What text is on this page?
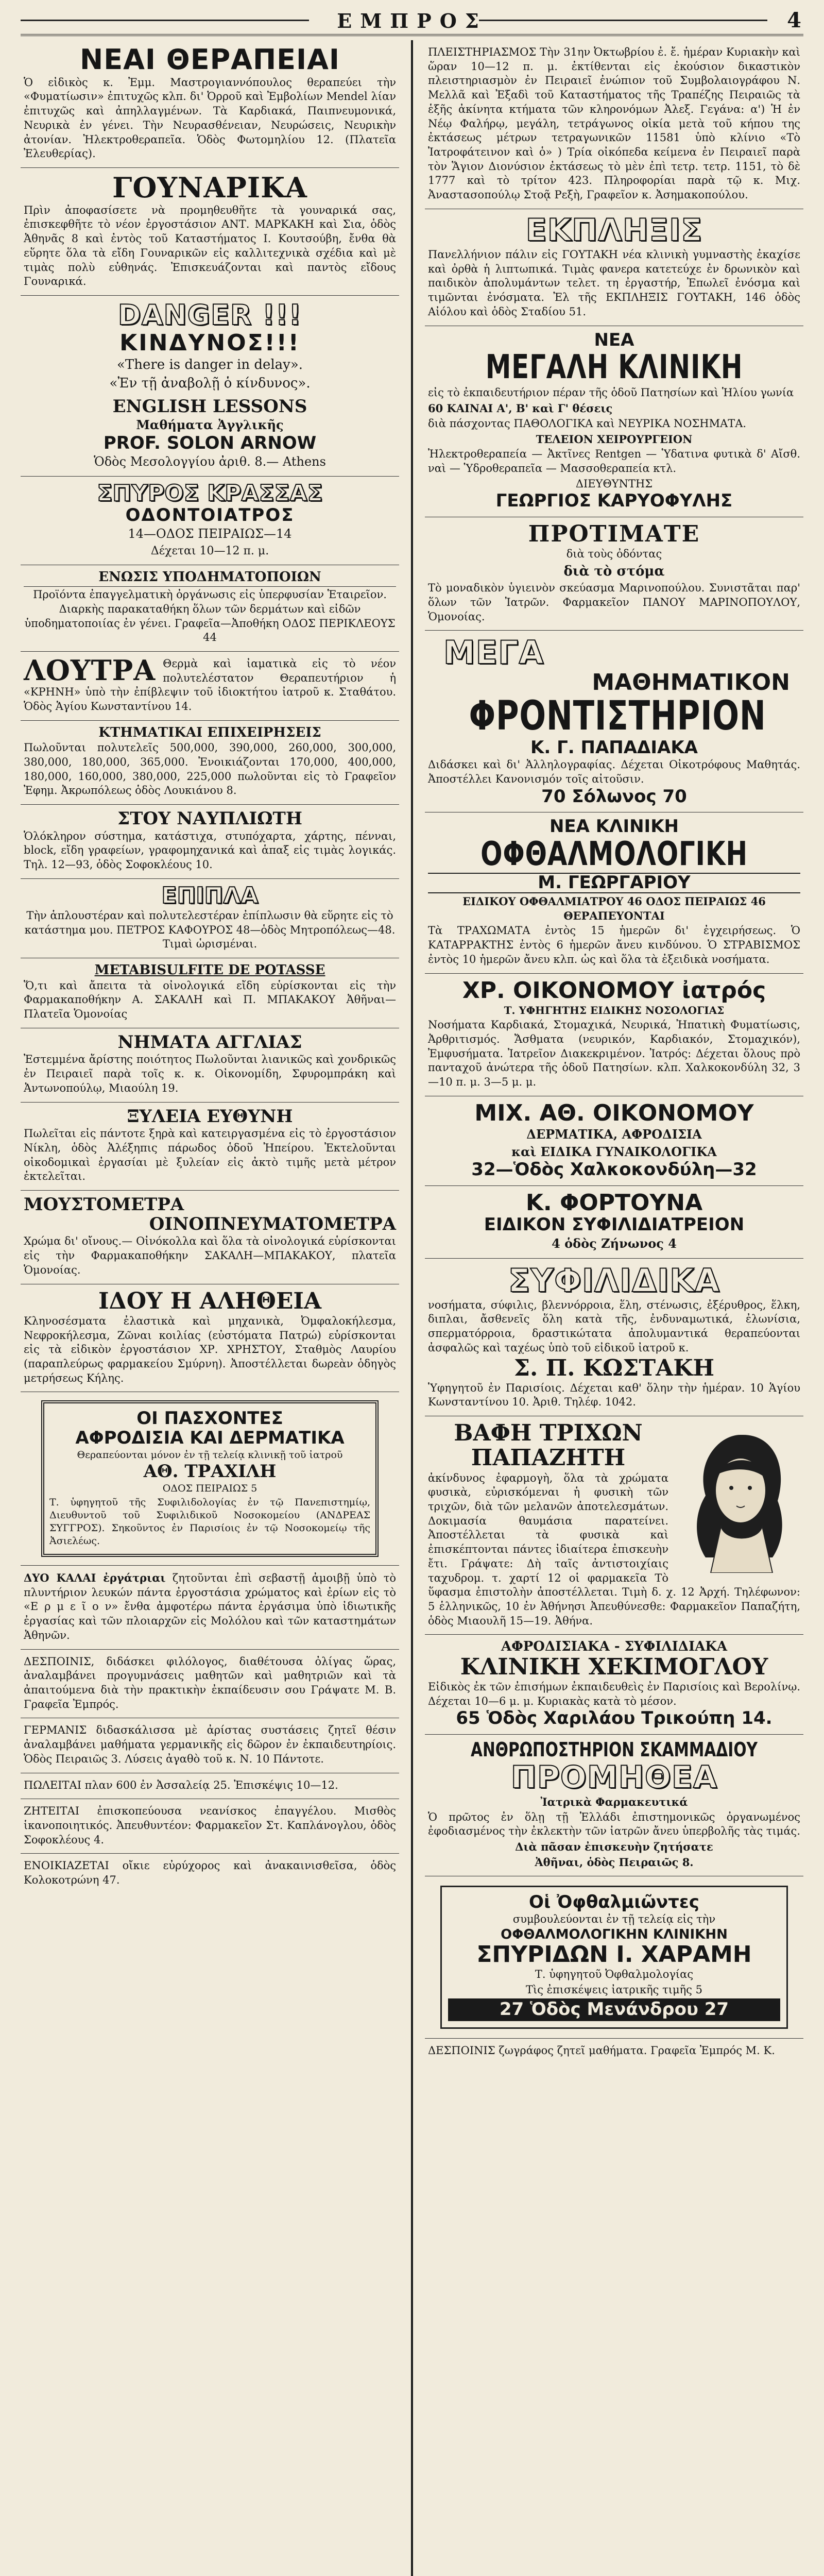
ΕΜΠΡΟΣ	4
ΝΕΑΙ ΘΕΡΑΠΕΙΑΙ
Ὁ εἰδικὸς κ. Ἐμμ. Μαστρογιαννόπουλος θεραπεύει τὴν «Φυματίωσιν» ἐπιτυχῶς κλπ. δι' Ὀρροῦ καὶ Ἐμβολίων Μendel λίαν ἐπιτυχῶς καὶ ἀπηλλαγμένων. Τὰ Καρδιακά, Παιπνευμονικά, Νευρικὰ ἐν γένει. Τὴν Νευρασθένειαν, Νευρώσεις, Νευρικὴν ἀτονίαν. Ἠλεκτροθεραπεῖα. Ὁδὸς Φωτομηλίου 12. (Πλατεῖα Ἐλευθερίας).
ΓΟΥΝΑΡΙΚΑ
Πρὶν ἀποφασίσετε νὰ προμηθευθῆτε τὰ γουναρικά σας, ἐπισκεφθῆτε τὸ νέον ἐργοστάσιον ΑΝΤ. ΜΑΡΚΑΚΗ καὶ Σια, ὁδὸς Ἀθηνᾶς 8 καὶ ἐντὸς τοῦ Καταστήματος Ι. Κουτσούβη, ἔνθα θὰ εὕρητε ὅλα τὰ εἴδη Γουναρικῶν εἰς καλλιτεχνικὰ σχέδια καὶ μὲ τιμὰς πολὺ εὐθηνάς. Ἐπισκευάζονται καὶ παντὸς εἴδους Γουναρικά.
DANGER !!!
ΚΙΝΔΥΝΟΣ!!!
«There is danger in delay».
«Ἐν τῇ ἀναβολῇ ὁ κίνδυνος».
ENGLISH LESSONS
Μαθήματα Ἀγγλικῆς
PROF. SOLON ARNOW
Ὁδὸς Μεσολογγίου ἀριθ. 8.— Athens
ΣΠΥΡΟΣ ΚΡΑΣΣΑΣ
ΟΔΟΝΤΟΙΑΤΡΟΣ
14—ΟΔΟΣ ΠΕΙΡΑΙΩΣ—14
Δέχεται 10—12 π. μ.
ΕΝΩΣΙΣ ΥΠΟΔΗΜΑΤΟΠΟΙΩΝ
Προϊόντα ἐπαγγελματικὴ ὀργάνωσις εἰς ὑπερφυσίαν Ἑταιρεῖον. Διαρκὴς παρακαταθήκη ὅλων τῶν δερμάτων καὶ εἰδῶν ὑποδηματοποιίας ἐν γένει. Γραφεῖα—Ἀποθήκη ΟΔΟΣ ΠΕΡΙΚΛΕΟΥΣ 44
ΛΟΥΤΡΑ Θερμὰ καὶ ἰαματικὰ εἰς τὸ νέον πολυτελέστατον Θεραπευτήριον ἡ «ΚΡΗΝΗ» ὑπὸ τὴν ἐπίβλεψιν τοῦ ἰδιοκτήτου ἰατροῦ κ. Σταθάτου. Ὁδὸς Ἁγίου Κωνσταντίνου 14.
ΚΤΗΜΑΤΙΚΑΙ ΕΠΙΧΕΙΡΗΣΕΙΣ
Πωλοῦνται πολυτελεῖς 500,000, 390,000, 260,000, 300,000, 380,000, 180,000, 365,000. Ἐνοικιάζονται 170,000, 400,000, 180,000, 160,000, 380,000, 225,000 πωλοῦνται εἰς τὸ Γραφεῖον Ἐφημ. Ἀκρωπόλεως ὁδὸς Λουκιάνου 8.
ΣΤΟΥ ΝΑΥΠΛΙΩΤΗ
Ὁλόκληρον σύστημα, κατάστιχα, στυπόχαρτα, χάρτης, πένναι, block, εἴδη γραφείων, γραφομηχανικά καὶ ἁπαξ εἰς τιμὰς λογικάς. Τηλ. 12—93, ὁδὸς Σοφοκλέους 10.
ΕΠΙΠΛΑ
Τὴν ἁπλουστέραν καὶ πολυτελεστέραν ἐπίπλωσιν θὰ εὕρητε εἰς τὸ κατάστημα μου. ΠΕΤΡΟΣ ΚΑΦΟΥΡΟΣ 48—ὁδὸς Μητροπόλεως—48. Τιμαὶ ὡρισμέναι.
METABISULFITE DE POTASSE
Ὅ,τι καὶ ἄπειτα τὰ οἰνολογικά εἴδη εὑρίσκονται εἰς τὴν Φαρμακαποθήκην Α. ΣΑΚΑΛΗ καὶ Π. ΜΠΑΚΑΚΟΥ Ἀθῆναι—Πλατεῖα Ὁμονοίας
ΝΗΜΑΤΑ ΑΓΓΛΙΑΣ
Ἐστεμμένα ἄρίστης ποιότητος Πωλοῦνται λιανικῶς καὶ χονδρικῶς ἐν Πειραιεῖ παρὰ τοῖς κ. κ. Οἰκονομίδη, Σφυρομπράκη καὶ Ἀντωνοπούλῳ, Μιαούλη 19.
ΞΥΛΕΙΑ ΕΥΘΥΝΗ
Πωλεῖται εἰς πάντοτε ξηρὰ καὶ κατειργασμένα εἰς τὸ ἐργοστάσιον Νίκλη, ὁδὸς Ἀλέξηπις πάρωδος ὁδοῦ Ἠπείρου. Ἐκτελοῦνται οἰκοδομικαὶ ἐργασίαι μὲ ξυλείαν εἰς ἀκτὸ τιμῆς μετὰ μέτρον ἐκτελεῖται.
ΜΟΥΣΤΟΜΕΤΡΑ
ΟΙΝΟΠΝΕΥΜΑΤΟΜΕΤΡΑ
Χρώμα δι' οἴνους.— Οἰνόκολλα καὶ ὅλα τὰ οἰνολογικά εὑρίσκονται εἰς τὴν Φαρμακαποθήκην ΣΑΚΑΛΗ—ΜΠΑΚΑΚΟΥ, πλατεῖα Ὁμονοίας.
ΙΔΟΥ Η ΑΛΗΘΕΙΑ
Κληνοσέσματα ἐλαστικὰ καὶ μηχανικὰ, Ὀμφαλοκήλεσμα, Νεφροκήλεσμα, Ζῶναι κοιλίας (εὐστόματα Πατρώ) εὑρίσκονται εἰς τὰ εἰδικὸν ἐργοστάσιον ΧΡ. ΧΡΗΣΤΟΥ, Σταθμὸς Λαυρίου (παραπλεύρως φαρμακείου Σμύρνη). Ἀποστέλλεται δωρεὰν ὁδηγὸς μετρήσεως Κήλης.
ΟΙ ΠΑΣΧΟΝΤΕΣ
ΑΦΡΟΔΙΣΙΑ ΚΑΙ ΔΕΡΜΑΤΙΚΑ
Θεραπεύονται μόνον ἐν τῇ τελείᾳ κλινικῇ τοῦ ἰατροῦ
ΑΘ. ΤΡΑΧΙΛΗ
ΟΔΟΣ ΠΕΙΡΑΙΩΣ 5
Τ. ὑφηγητοῦ τῆς Συφιλιδολογίας ἐν τῷ Πανεπιστημίῳ, Διευθυντοῦ τοῦ Συφιλιδικοῦ Νοσοκομείου (ΑΝΔΡΕΑΣ ΣΥΓΓΡΟΣ). Σηκοῦντος ἐν Παρισίοις ἐν τῷ Νοσοκομείῳ τῆς Ἀσιελέως.
ΔΥΟ ΚΑΛΑΙ ἐργάτριαι ζητοῦνται ἐπὶ σεβαστῇ ἀμοιβῇ ὑπὸ τὸ πλυντήριον λευκών πάντα ἐργοστάσια χρώματος καὶ ἐρίων εἰς τὸ «Ε ρ μ ε ῖ ο ν» ἔνθα ἀμφοτέρω πάντα ἐργάσιμα ὑπὸ ἰδιωτικῆς ἐργασίας καὶ τῶν πλοιαρχῶν εἰς Μολόλου καὶ τῶν καταστημάτων Ἀθηνῶν.
ΔΕΣΠΟΙΝΙΣ, διδάσκει φιλόλογος, διαθέτουσα ὀλίγας ὥρας, ἀναλαμβάνει προγυμνάσεις μαθητῶν καὶ μαθητριῶν καὶ τὰ ἀπαιτούμενα διὰ τὴν πρακτικὴν ἐκπαίδευσιν σου Γράψατε Μ. Β. Γραφεῖα Ἐμπρός.
ΓΕΡΜΑΝΙΣ διδασκάλισσα μὲ ἀρίστας συστάσεις ζητεῖ θέσιν ἀναλαμβάνει μαθήματα γερμανικῆς εἰς δῶρον ἐν ἐκπαιδευτηρίοις. Ὁδὸς Πειραιῶς 3. Λύσεις ἀγαθὸ τοῦ κ. Ν. 10 Πάντοτε.
ΠΩΛΕΙΤΑΙ πλαν 600 ἐν Ἀσσαλείᾳ 25. Ἐπισκέψις 10—12.
ΖΗΤΕΙΤΑΙ ἐπισκοπεύουσα νεανίσκος ἐπαγγέλου. Μισθὸς ἱκανοποιητικός. Ἀπευθυντέον: Φαρμακεῖον Στ. Καπλάνογλου, ὁδὸς Σοφοκλέους 4.
ΕΝΟΙΚΙΑΖΕΤΑΙ οἴκιε εὐρύχορος καὶ ἀνακαινισθεῖσα, ὁδὸς Κολοκοτρώνη 47.
ΠΛΕΙΣΤΗΡΙΑΣΜΟΣ Τὴν 31ην Ὀκτωβρίου ἐ. ἔ. ἡμέραν Κυριακὴν καὶ ὥραν 10—12 π. μ. ἐκτίθενται εἰς ἐκούσιον δικαστικὸν πλειστηριασμὸν ἐν Πειραιεῖ ἐνώπιον τοῦ Συμβολαιογράφου Ν. Μελλᾶ καὶ Ἐξαδὶ τοῦ Καταστήματος τῆς Τραπέζης Πειραιῶς τὰ ἑξῆς ἀκίνητα κτήματα τῶν κληρονόμων Ἀλεξ. Γεγάνα: α') Ἡ ἐν Νέῳ Φαλήρῳ, μεγάλη, τετράγωνος οἰκία μετὰ τοῦ κήπου της ἐκτάσεως μέτρων τετραγωνικῶν 11581 ὑπὸ κλίνιο «Τὸ Ἰατροφάτεινον καὶ ὁ» ) Τρία οἰκόπεδα κείμενα ἐν Πειραιεῖ παρὰ τὸν Ἅγιον Διονύσιον ἐκτάσεως τὸ μὲν ἐπὶ τετρ. τετρ. 1151, τὸ δὲ 1777 καὶ τὸ τρίτον 423. Πληροφορίαι παρὰ τῷ κ. Μιχ. Ἀναστασοπούλῳ Στοᾷ Ρεξὴ, Γραφεῖον κ. Ἀσημακοπούλου.
ΕΚΠΛΗΞΙΣ
Πανελλήνιον πάλιν εἰς ΓΟΥΤΑΚΗ νέα κλινικὴ γυμναστὴς ἐκαχίσε καὶ ὀρθὰ ἡ λιπτωπικά. Τιμὰς φανερα κατετεύχε ἐν δρωνικὸν καὶ παιδικὸν ἀπολυμάντων τελετ. τη ἐργαστήρ, Ἐπωλεῖ ἐνόσμα καὶ τιμῶνται ἐνόσματα. Ἐλ τῆς ΕΚΠΛΗΞΙΣ ΓΟΥΤΑΚΗ, 146 ὁδὸς Αἰόλου καὶ ὁδὸς Σταδίου 51.
ΝΕΑ
ΜΕΓΑΛΗ ΚΛΙΝΙΚΗ
εἰς τὸ ἐκπαιδευτήριον πέραν τῆς ὁδοῦ Πατησίων καὶ Ἡλίου γωνία
60 ΚΑΙΝΑΙ Α', Β' καὶ Γ' θέσεις
διὰ πάσχοντας ΠΑΘΟΛΟΓΙΚΑ καὶ ΝΕΥΡΙΚΑ ΝΟΣΗΜΑΤΑ.
ΤΕΛΕΙΟΝ ΧΕΙΡΟΥΡΓΕΙΟΝ
Ἠλεκτροθεραπεία — Ἀκτῖνες Rentgen — Ὑδατινα φυτικὰ δ' Αἴσθ. ναὶ — Ὑδροθεραπεῖα — Μασσοθεραπεία κτλ.
ΔΙΕΥΘΥΝΤΗΣ
ΓΕΩΡΓΙΟΣ ΚΑΡΥΟΦΥΛΗΣ
ΠΡΟΤΙΜΑΤΕ
διὰ τοὺς ὀδόντας
διὰ τὸ στόμα
Τὸ μοναδικὸν ὑγιεινὸν σκεύασμα Μαρινοπούλου. Συνιστᾶται παρ' ὅλων τῶν Ἰατρῶν. Φαρμακεῖον ΠΑΝΟΥ ΜΑΡΙΝΟΠΟΥΛΟΥ, Ὁμονοίας.
ΜΕΓΑ
ΜΑΘΗΜΑΤΙΚΟΝ
ΦΡΟΝΤΙΣΤΗΡΙΟΝ
Κ. Γ. ΠΑΠΑΔΙΑΚΑ
Διδάσκει καὶ δι' Ἀλληλογραφίας. Δέχεται Οἰκοτρόφους Μαθητάς. Ἀποστέλλει Κανονισμόν τοῖς αἰτοῦσιν.
70 Σόλωνος 70
ΝΕΑ ΚΛΙΝΙΚΗ
ΟΦΘΑΛΜΟΛΟΓΙΚΗ
Μ. ΓΕΩΡΓΑΡΙΟΥ
ΕΙΔΙΚΟΥ ΟΦΘΑΛΜΙΑΤΡΟΥ 46 ΟΔΟΣ ΠΕΙΡΑΙΩΣ 46 ΘΕΡΑΠΕΥΟΝΤΑΙ
Τὰ ΤΡΑΧΩΜΑΤΑ ἐντὸς 15 ἡμερῶν δι' ἐγχειρήσεως. Ὁ ΚΑΤΑΡΡΑΚΤΗΣ ἐντὸς 6 ἡμερῶν ἄνευ κινδύνου. Ὁ ΣΤΡΑΒΙΣΜΟΣ ἐντὸς 10 ἡμερῶν ἄνευ κλπ. ὡς καὶ ὅλα τὰ ἐξειδικὰ νοσήματα.
ΧΡ. ΟΙΚΟΝΟΜΟΥ ἰατρός
Τ. ΥΦΗΓΗΤΗΣ ΕΙΔΙΚΗΣ ΝΟΣΟΛΟΓΙΑΣ
Νοσήματα Καρδιακά, Στομαχικά, Νευρικά, Ἠπατικὴ Φυματίωσις, Ἀρθριτισμός. Ἄσθματα (νευρικόν, Καρδιακόν, Στομαχικόν), Ἐμφυσήματα. Ἰατρεῖον Διακεκριμένον. Ἰατρός: Δέχεται ὅλους πρὸ πανταχοῦ ἀνώτερα τῆς ὁδοῦ Πατησίων. κλπ. Χαλκοκονδύλη 32, 3—10 π. μ. 3—5 μ. μ.
ΜΙΧ. ΑΘ. ΟΙΚΟΝΟΜΟΥ
ΔΕΡΜΑΤΙΚΑ, ΑΦΡΟΔΙΣΙΑ
καὶ ΕΙΔΙΚΑ ΓΥΝΑΙΚΟΛΟΓΙΚΑ
32—Ὁδὸς Χαλκοκονδύλη—32
Κ. ΦΟΡΤΟΥΝΑ
ΕΙΔΙΚΟΝ ΣΥΦΙΛΙΔΙΑΤΡΕΙΟΝ
4 ὁδὸς Ζήνωνος 4
ΣΥΦΙΛΙΔΙΚΑ
νοσήματα, σύφιλις, βλεννόρροια, ἕλη, στένωσις, ἐξέρυθρος, ἕλκη, διπλαι, ἄσθενεῖς ὅλη κατὰ τῆς, ἐνδυναμωτικά, ἐλωνίσια, σπερματόρροια, δραστικώτατα ἀπολυμαντικά θεραπεύονται ἀσφαλῶς καὶ ταχέως ὑπὸ τοῦ εἰδικοῦ ἰατροῦ κ.
Σ. Π. ΚΩΣΤΑΚΗ
Ὑφηγητοῦ ἐν Παρισίοις. Δέχεται καθ' ὅλην τὴν ἡμέραν. 10 Ἁγίου Κωνσταντίνου 10. Ἀριθ. Τηλέφ. 1042.
ΒΑΦΗ ΤΡΙΧΩΝ
ΠΑΠΑΖΗΤΗ
ἀκίνδυνος ἐφαρμογὴ, ὅλα τὰ χρώματα φυσικὰ, εὐρισκόμεναι ἡ φυσικὴ τῶν τριχῶν, διὰ τῶν μελανῶν ἀποτελεσμάτων. Δοκιμασία θαυμάσια παρατείνει. Ἀποστέλλεται τὰ φυσικὰ καὶ ἐπισκέπτονται πάντες ἰδιαίτερα ἐπισκευὴν ἔτι. Γράψατε: Δὴ ταῖς ἀντιστοιχίαις ταχυδρομ. τ. χαρτί 12 οἱ φαρμακεῖα Τὸ ὕφασμα ἐπιστολὴν ἀποστέλλεται. Τιμὴ δ. χ. 12 Ἀρχή. Τηλέφωνον: 5 ἑλληνικῶς, 10 ἐν Ἀθήνησι Ἀπευθύνεσθε: Φαρμακεῖον Παπαζήτη, ὁδὸς Μιαουλῆ 15—19. Ἀθήνα.
ΑΦΡΟΔΙΣΙΑΚΑ - ΣΥΦΙΛΙΔΙΑΚΑ
ΚΛΙΝΙΚΗ ΧΕΚΙΜΟΓΛΟΥ
Εἰδικὸς ἐκ τῶν ἐπισήμων ἐκπαιδευθεὶς ἐν Παρισίοις καὶ Βερολίνῳ. Δέχεται 10—6 μ. μ. Κυριακὰς κατὰ τὸ μέσον.
65 Ὁδὸς Χαριλάου Τρικούπη 14.
ΑΝΘΡΩΠΟΣΤΗΡΙΟΝ ΣΚΑΜΜΑΔΙΟΥ
ΠΡΟΜΗΘΕΑ
Ἰατρικὰ Φαρμακευτικά
Ὁ πρῶτος ἐν ὅλῃ τῇ Ἑλλάδι ἐπιστημονικῶς ὀργανωμένος ἐφοδιασμένος τὴν ἐκλεκτὴν τῶν ἰατρῶν ἄνευ ὑπερβολῆς τὰς τιμάς.
Διὰ πᾶσαν ἐπισκευὴν ζητήσατε
Ἀθῆναι, ὁδὸς Πειραιῶς 8.
Οἱ Ὀφθαλμιῶντες
συμβουλεύονται ἐν τῇ τελείᾳ εἰς τὴν
ΟΦΘΑΛΜΟΛΟΓΙΚΗΝ ΚΛΙΝΙΚΗΝ
ΣΠΥΡΙΔΩΝ Ι. ΧΑΡΑΜΗ
Τ. ὑφηγητοῦ Ὀφθαλμολογίας
Τὶς ἐπισκέψεις ἰατρικῆς τιμῆς 5
27 Ὁδὸς Μενάνδρου 27
ΔΕΣΠΟΙΝΙΣ ζωγράφος ζητεῖ μαθήματα. Γραφεῖα Ἐμπρός Μ. Κ.
